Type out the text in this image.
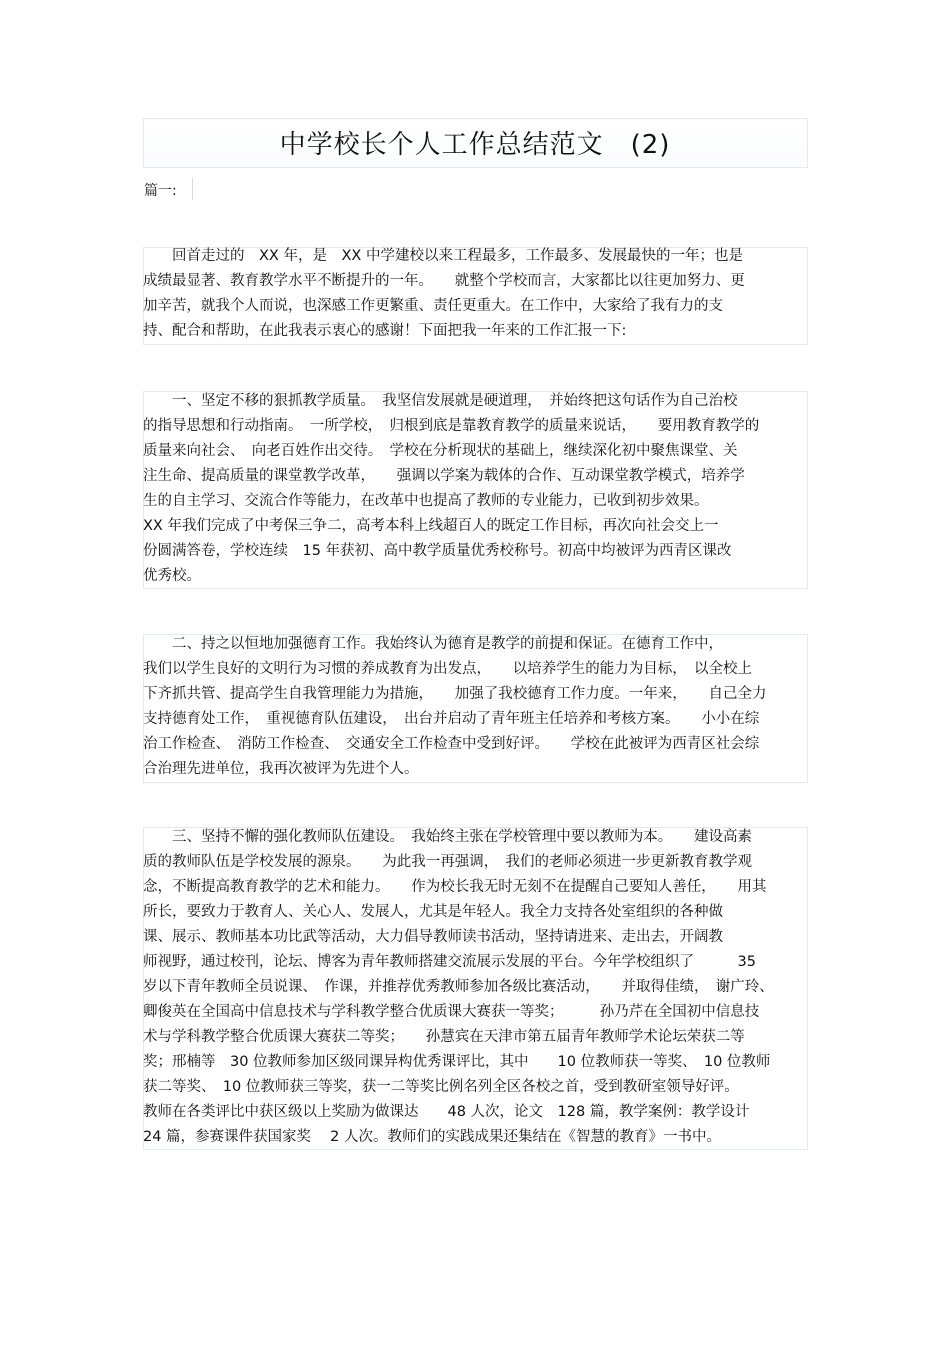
中学校长个人工作总结范文　(2)
篇一:
　　回首走过的　XX 年，是　XX 中学建校以来工程最多，工作最多、发展最快的一年；也是
成绩最显著、教育教学水平不断提升的一年。　　就整个学校而言，大家都比以往更加努力、更
加辛苦，就我个人而说，也深感工作更繁重、责任更重大。在工作中，大家给了我有力的支
持、配合和帮助，在此我表示衷心的感谢！下面把我一年来的工作汇报一下:
　　一、坚定不移的狠抓教学质量。　我坚信发展就是硬道理，　并始终把这句话作为自己治校
的指导思想和行动指南。　一所学校，　归根到底是靠教育教学的质量来说话，　　要用教育教学的
质量来向社会、　向老百姓作出交待。　学校在分析现状的基础上，继续深化初中聚焦课堂、关
注生命、提高质量的课堂教学改革，　　强调以学案为载体的合作、互动课堂教学模式，培养学
生的自主学习、交流合作等能力，在改革中也提高了教师的专业能力，已收到初步效果。
XX 年我们完成了中考保三争二，高考本科上线超百人的既定工作目标，再次向社会交上一
份圆满答卷，学校连续　15 年获初、高中教学质量优秀校称号。初高中均被评为西青区课改
优秀校。
　　二、持之以恒地加强德育工作。我始终认为德育是教学的前提和保证。在德育工作中，
我们以学生良好的文明行为习惯的养成教育为出发点，　　以培养学生的能力为目标，　以全校上
下齐抓共管、提高学生自我管理能力为措施，　　加强了我校德育工作力度。一年来，　　自己全力
支持德育处工作，　重视德育队伍建设，　出台并启动了青年班主任培养和考核方案。　　小小在综
治工作检查、　消防工作检查、　交通安全工作检查中受到好评。　　学校在此被评为西青区社会综
合治理先进单位，我再次被评为先进个人。
　　三、坚持不懈的强化教师队伍建设。　我始终主张在学校管理中要以教师为本。　　建设高素
质的教师队伍是学校发展的源泉。　　为此我一再强调，　我们的老师必须进一步更新教育教学观
念，不断提高教育教学的艺术和能力。　　作为校长我无时无刻不在提醒自己要知人善任，　　用其
所长，要致力于教育人、关心人、发展人，尤其是年轻人。我全力支持各处室组织的各种做
课、展示、教师基本功比武等活动，大力倡导教师读书活动，坚持请进来、走出去，开阔教
师视野，通过校刊，论坛、博客为青年教师搭建交流展示发展的平台。今年学校组织了　　　35
岁以下青年教师全员说课、　作课，并推荐优秀教师参加各级比赛活动，　　并取得佳绩，　谢广玲、
卿俊英在全国高中信息技术与学科教学整合优质课大赛获一等奖；　　　孙乃芹在全国初中信息技
术与学科教学整合优质课大赛获二等奖；　　孙慧宾在天津市第五届青年教师学术论坛荣获二等
奖；邢楠等　30 位教师参加区级同课异构优秀课评比，其中　　10 位教师获一等奖、　10 位教师
获二等奖、　10 位教师获三等奖，获一二等奖比例名列全区各校之首，受到教研室领导好评。
教师在各类评比中获区级以上奖励为做课达　　48 人次，论文　128 篇，教学案例：教学设计
24 篇，参赛课件获国家奖　 2 人次。教师们的实践成果还集结在《智慧的教育》一书中。
